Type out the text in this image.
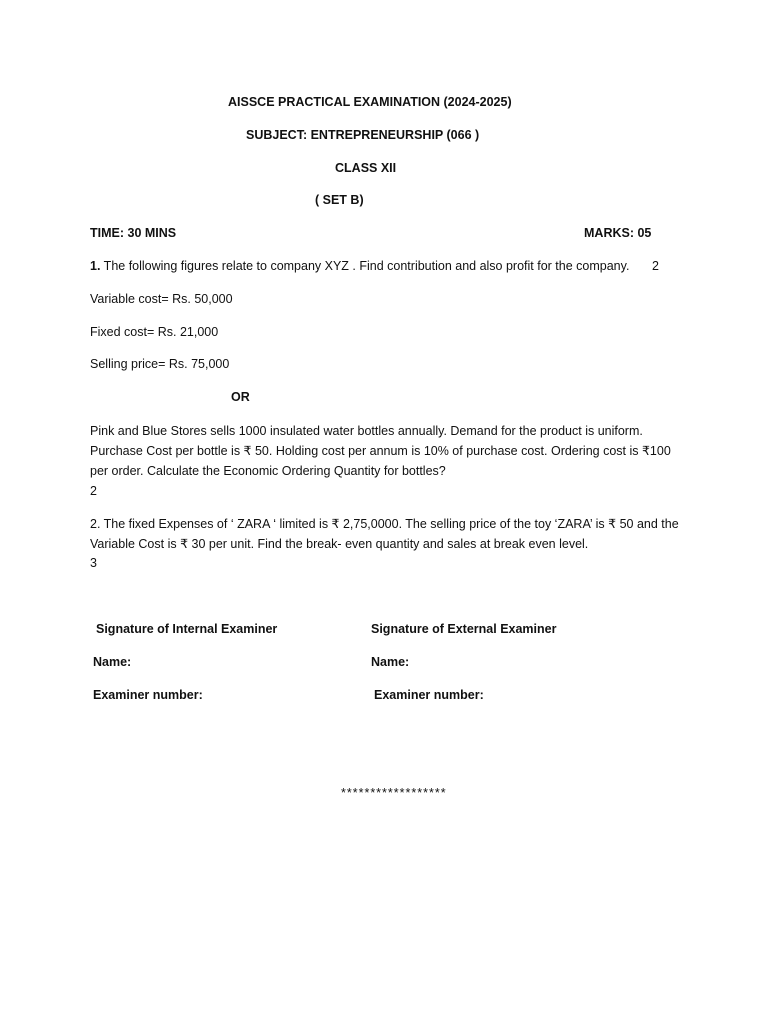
AISSCE PRACTICAL EXAMINATION (2024-2025)
SUBJECT: ENTREPRENEURSHIP (066 )
CLASS XII
( SET B)
TIME: 30 MINS	MARKS: 05
1. The following figures relate to company XYZ . Find contribution and also profit for the company. 2
Variable cost= Rs. 50,000
Fixed cost= Rs. 21,000
Selling price= Rs. 75,000
OR
Pink and Blue Stores sells 1000 insulated water bottles annually. Demand for the product is uniform. Purchase Cost per bottle is ₹ 50. Holding cost per annum is 10% of purchase cost. Ordering cost is ₹100 per order. Calculate the Economic Ordering Quantity for bottles?
2
2. The fixed Expenses of ‘ ZARA ‘ limited is ₹ 2,75,0000. The selling price of the toy ‘ZARA’ is ₹ 50 and the Variable Cost is ₹ 30 per unit. Find the break- even quantity and sales at break even level.
3
Signature of Internal Examiner	Signature of External Examiner
Name:	Name:
Examiner number:	Examiner number:
******************
